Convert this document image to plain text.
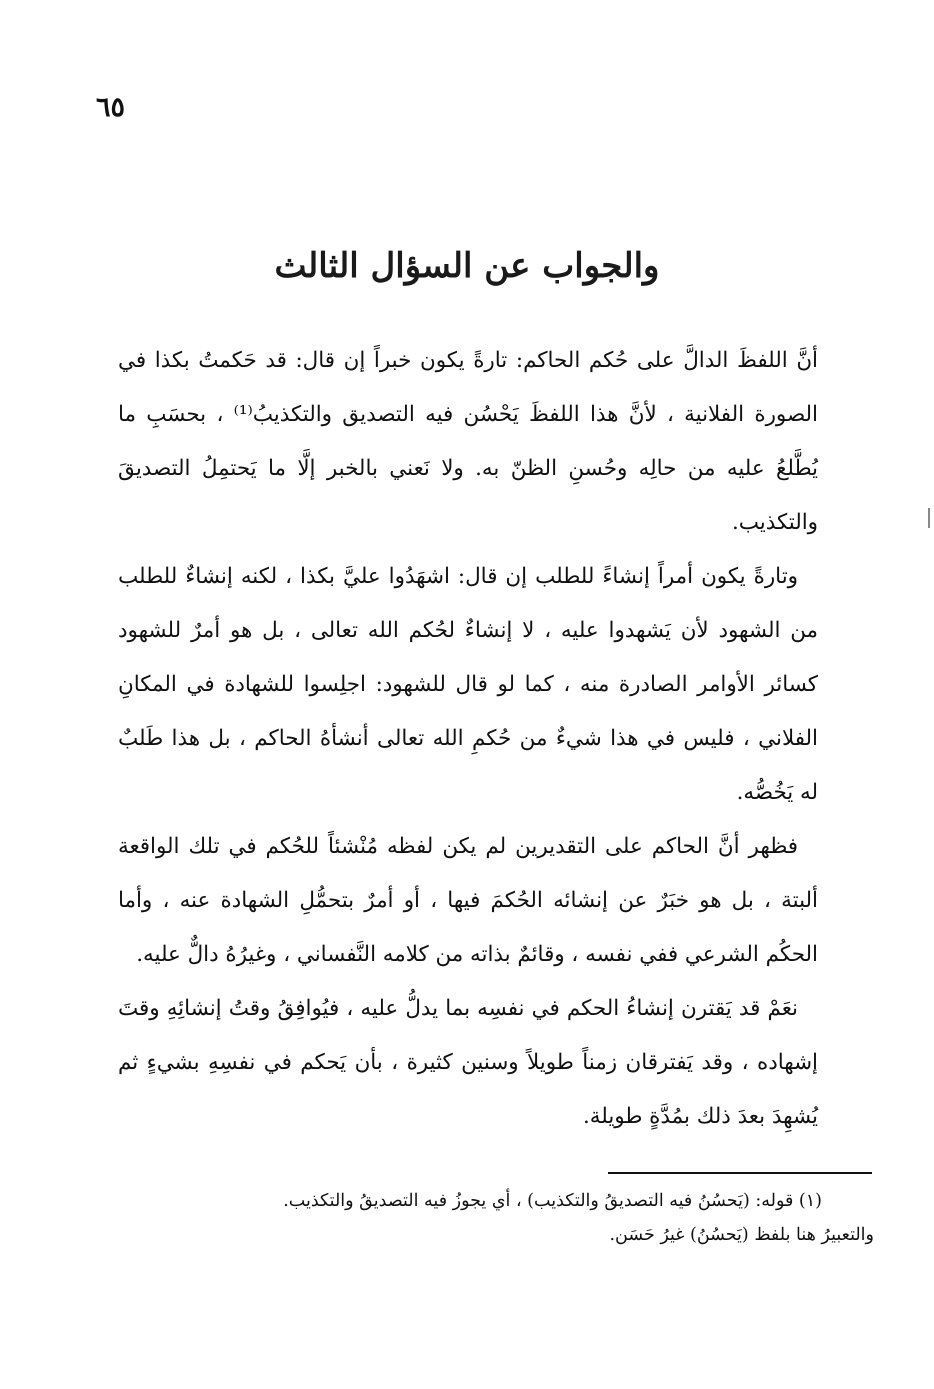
٦٥
والجواب عن السؤال الثالث

أنَّ اللفظَ الدالَّ على حُكم الحاكم: تارةً يكون خبراً إن قال: قد حَكمتُ بكذا في الصورة الفلانية ، لأنَّ هذا اللفظَ يَحْسُن فيه التصديق والتكذيبُ⁽¹⁾ ، بحسَبِ ما يُطَّلعُ عليه من حالِه وحُسنِ الظنّ به. ولا نَعني بالخبر إلَّا ما يَحتمِلُ التصديقَ والتكذيب.

وتارةً يكون أمراً إنشاءً للطلب إن قال: اشهَدُوا عليَّ بكذا ، لكنه إنشاءٌ للطلب من الشهود لأن يَشهدوا عليه ، لا إنشاءٌ لحُكم الله تعالى ، بل هو أمرٌ للشهود كسائر الأوامر الصادرة منه ، كما لو قال للشهود: اجلِسوا للشهادة في المكانِ الفلاني ، فليس في هذا شيءٌ من حُكمِ الله تعالى أنشأهُ الحاكم ، بل هذا طَلبٌ له يَخُصُّه.

فظهر أنَّ الحاكم على التقديرين لم يكن لفظه مُنْشئاً للحُكم في تلك الواقعة ألبتة ، بل هو خبَرٌ عن إنشائه الحُكمَ فيها ، أو أمرٌ بتحمُّلِ الشهادة عنه ، وأما الحكُم الشرعي ففي نفسه ، وقائمٌ بذاته من كلامه النَّفساني ، وغيرُهُ دالٌّ عليه.

نعَمْ قد يَقترن إنشاءُ الحكم في نفسِه بما يدلُّ عليه ، فيُوافِقُ وقتُ إنشائِهِ وقتَ إشهاده ، وقد يَفترقان زمناً طويلاً وسنين كثيرة ، بأن يَحكم في نفسِهِ بشيءٍ ثم يُشهِدَ بعدَ ذلك بمُدَّةٍ طويلة.

(١) قوله: (يَحسُنُ فيه التصديقُ والتكذيب) ، أي يجوزُ فيه التصديقُ والتكذيب.

والتعبيرُ هنا بلفظ (يَحسُنُ) غيرُ حَسَن.
